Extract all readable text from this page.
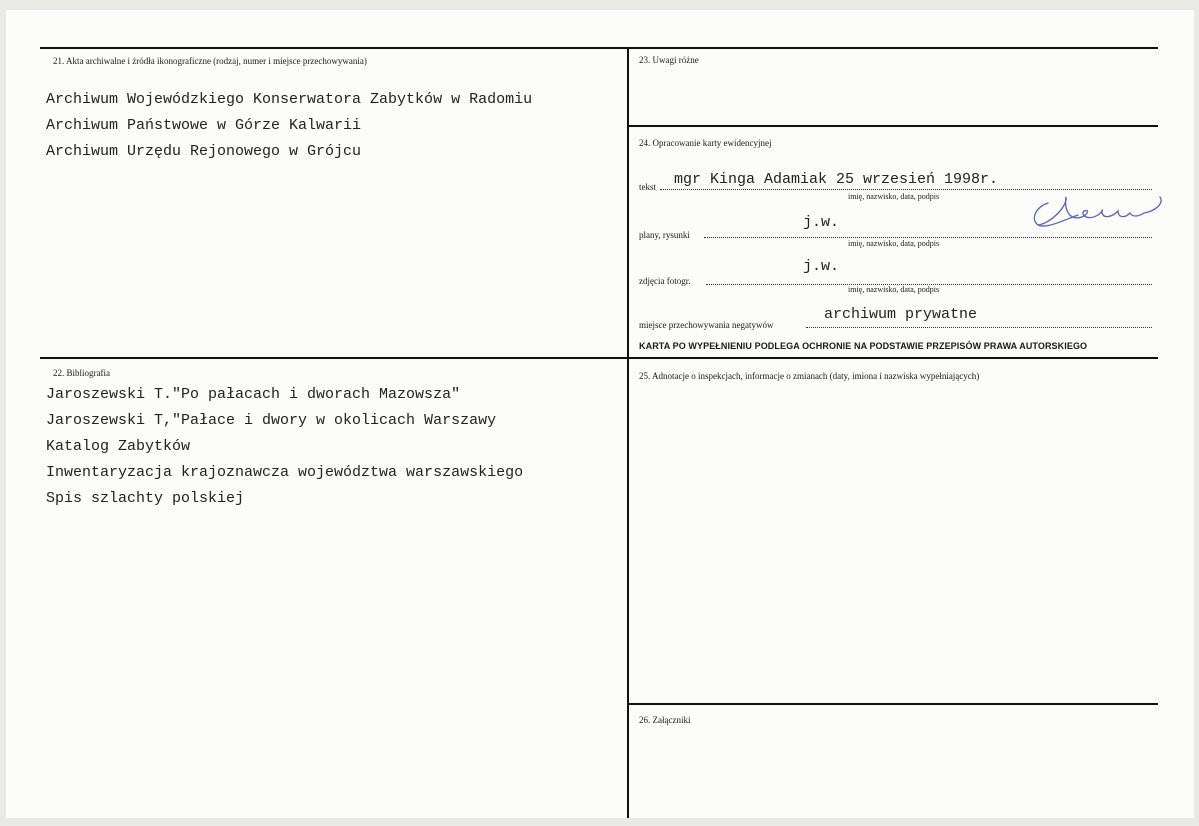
21. Akta archiwalne i źródła ikonograficzne (rodzaj, numer i miejsce przechowywania)
Archiwum Wojewódzkiego Konserwatora Zabytków w Radomiu
Archiwum Państwowe w Górze Kalwarii
Archiwum Urzędu Rejonowego w Grójcu
22. Bibliografia
Jaroszewski T."Po pałacach i dworach Mazowsza"
Jaroszewski T,"Pałace i dwory w okolicach Warszawy
Katalog Zabytków
Inwentaryzacja krajoznawcza województwa warszawskiego
Spis szlachty polskiej
23. Uwagi różne
24. Opracowanie karty ewidencyjnej
tekst mgr Kinga Adamiak 25 wrzesień 1998r.
imię, nazwisko, data, podpis
plany, rysunki
j.w.
imię, nazwisko, data, podpis
zdjęcia fotogr.
j.w.
imię, nazwisko, data, podpis
miejsce przechowywania negatywów
archiwum prywatne
KARTA PO WYPEŁNIENIU PODLEGA OCHRONIE NA PODSTAWIE PRZEPISÓW PRAWA AUTORSKIEGO
25. Adnotacje o inspekcjach, informacje o zmianach (daty, imiona i nazwiska wypełniających)
26. Załączniki
